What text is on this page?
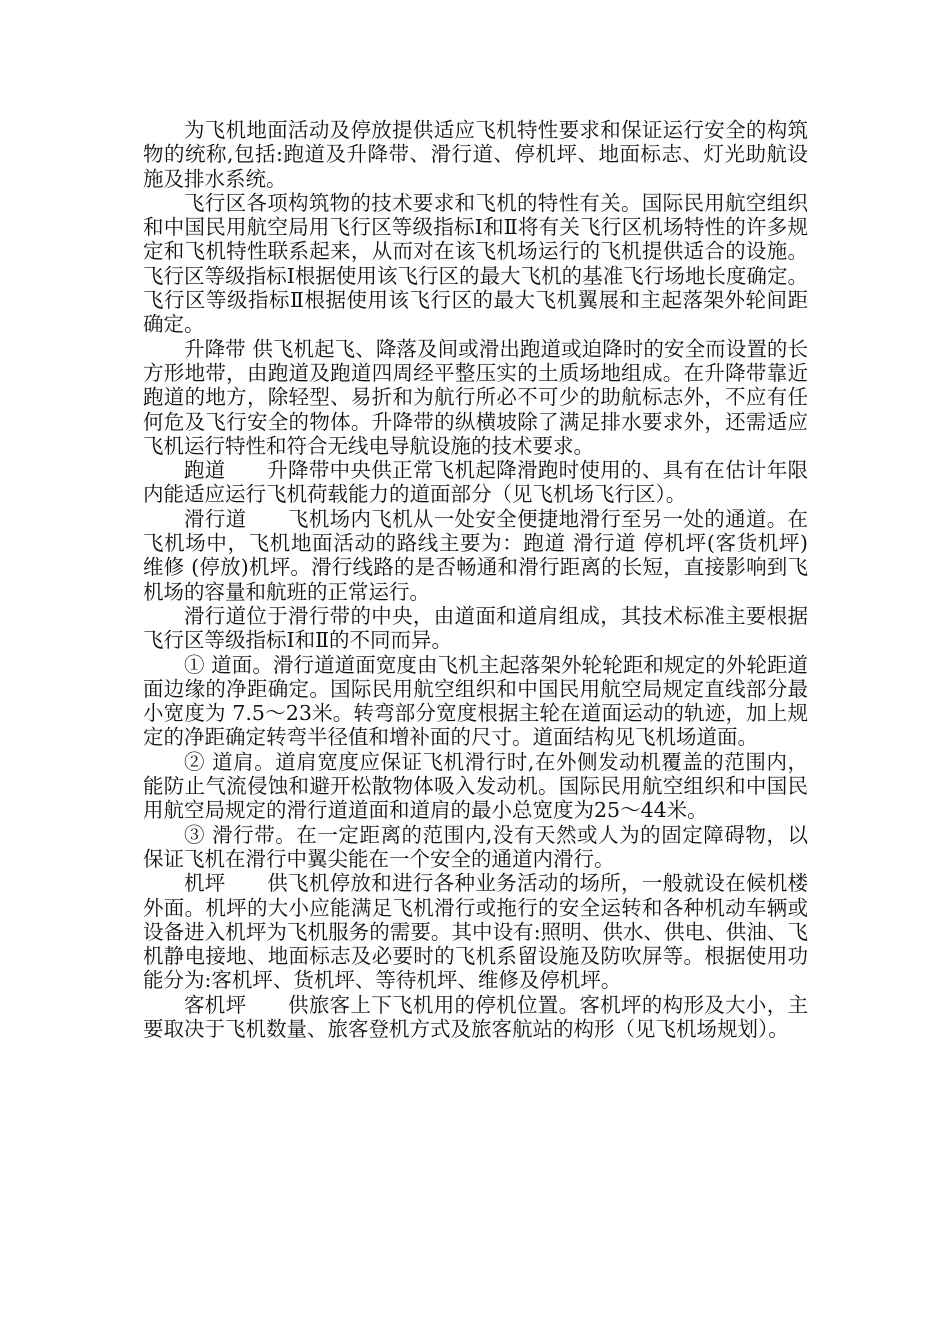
为飞机地面活动及停放提供适应飞机特性要求和保证运行安全的构筑物的统称,包括:跑道及升降带、滑行道、停机坪、地面标志、灯光助航设施及排水系统。

飞行区各项构筑物的技术要求和飞机的特性有关。国际民用航空组织和中国民用航空局用飞行区等级指标Ⅰ和Ⅱ将有关飞行区机场特性的许多规定和飞机特性联系起来，从而对在该飞机场运行的飞机提供适合的设施。飞行区等级指标Ⅰ根据使用该飞行区的最大飞机的基准飞行场地长度确定。飞行区等级指标Ⅱ根据使用该飞行区的最大飞机翼展和主起落架外轮间距确定。

升降带 供飞机起飞、降落及间或滑出跑道或迫降时的安全而设置的长方形地带，由跑道及跑道四周经平整压实的土质场地组成。在升降带靠近跑道的地方，除轻型、易折和为航行所必不可少的助航标志外，不应有任何危及飞行安全的物体。升降带的纵横坡除了满足排水要求外，还需适应飞机运行特性和符合无线电导航设施的技术要求。

跑道　　升降带中央供正常飞机起降滑跑时使用的、具有在估计年限内能适应运行飞机荷载能力的道面部分（见飞机场飞行区）。

滑行道　　飞机场内飞机从一处安全便捷地滑行至另一处的通道。在飞机场中，飞机地面活动的路线主要为：跑道 滑行道 停机坪(客货机坪) 维修 (停放)机坪。滑行线路的是否畅通和滑行距离的长短，直接影响到飞机场的容量和航班的正常运行。

滑行道位于滑行带的中央，由道面和道肩组成，其技术标准主要根据飞行区等级指标Ⅰ和Ⅱ的不同而异。

① 道面。滑行道道面宽度由飞机主起落架外轮轮距和规定的外轮距道面边缘的净距确定。国际民用航空组织和中国民用航空局规定直线部分最小宽度为 7.5～23米。转弯部分宽度根据主轮在道面运动的轨迹，加上规定的净距确定转弯半径值和增补面的尺寸。道面结构见飞机场道面。

② 道肩。道肩宽度应保证飞机滑行时,在外侧发动机覆盖的范围内，能防止气流侵蚀和避开松散物体吸入发动机。国际民用航空组织和中国民用航空局规定的滑行道道面和道肩的最小总宽度为25～44米。

③ 滑行带。在一定距离的范围内,没有天然或人为的固定障碍物，以保证飞机在滑行中翼尖能在一个安全的通道内滑行。

机坪　　供飞机停放和进行各种业务活动的场所，一般就设在候机楼外面。机坪的大小应能满足飞机滑行或拖行的安全运转和各种机动车辆或设备进入机坪为飞机服务的需要。其中设有:照明、供水、供电、供油、飞机静电接地、地面标志及必要时的飞机系留设施及防吹屏等。根据使用功能分为:客机坪、货机坪、等待机坪、维修及停机坪。

客机坪　　供旅客上下飞机用的停机位置。客机坪的构形及大小，主要取决于飞机数量、旅客登机方式及旅客航站的构形（见飞机场规划）。
